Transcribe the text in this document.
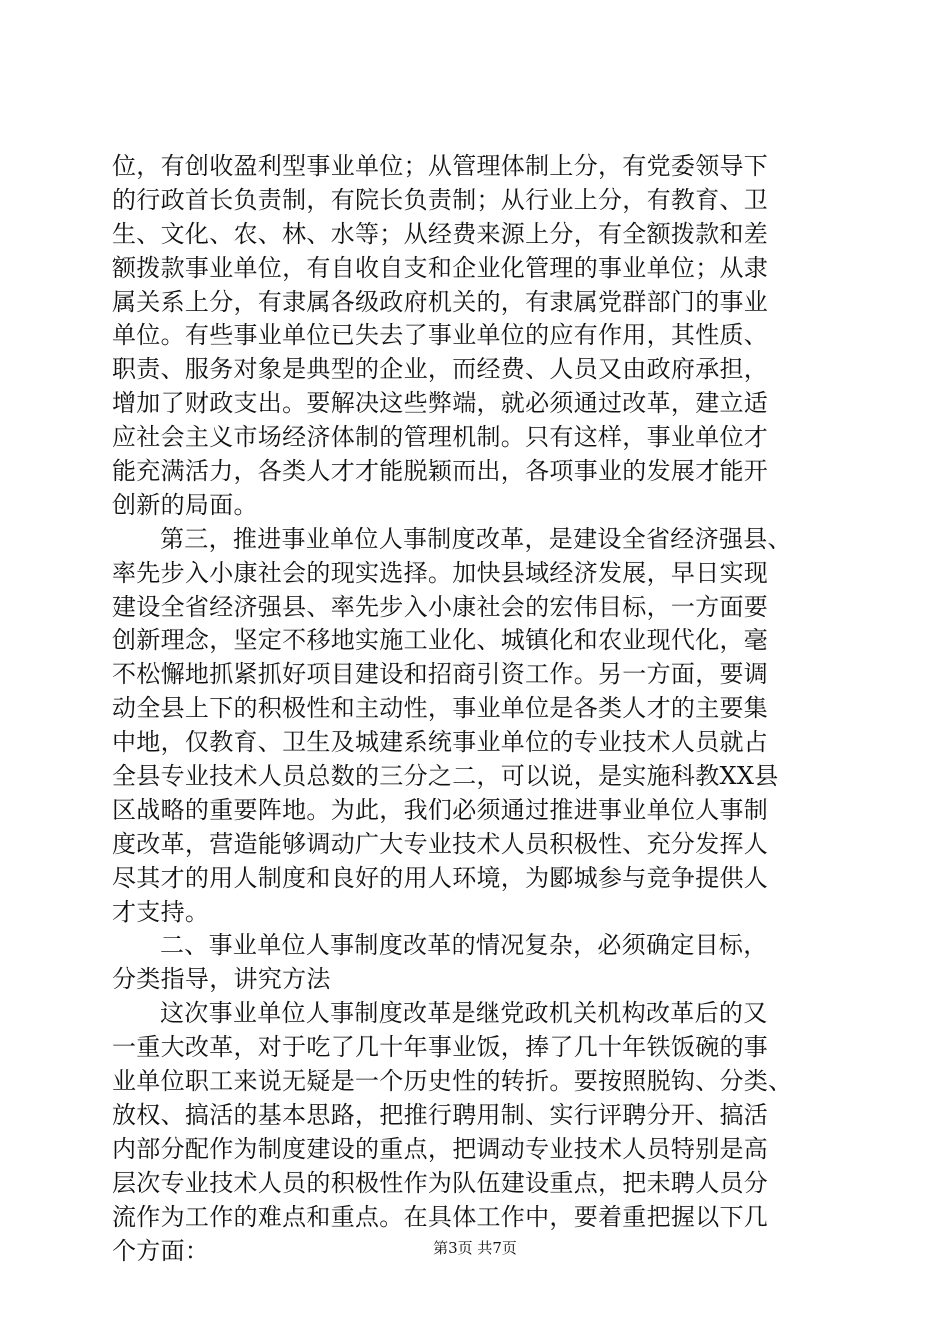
位，有创收盈利型事业单位；从管理体制上分，有党委领导下
的行政首长负责制，有院长负责制；从行业上分，有教育、卫
生、文化、农、林、水等；从经费来源上分，有全额拨款和差
额拨款事业单位，有自收自支和企业化管理的事业单位；从隶
属关系上分，有隶属各级政府机关的，有隶属党群部门的事业
单位。有些事业单位已失去了事业单位的应有作用，其性质、
职责、服务对象是典型的企业，而经费、人员又由政府承担，
增加了财政支出。要解决这些弊端，就必须通过改革，建立适
应社会主义市场经济体制的管理机制。只有这样，事业单位才
能充满活力，各类人才才能脱颖而出，各项事业的发展才能开
创新的局面。
第三，推进事业单位人事制度改革，是建设全省经济强县、
率先步入小康社会的现实选择。加快县域经济发展，早日实现
建设全省经济强县、率先步入小康社会的宏伟目标，一方面要
创新理念，坚定不移地实施工业化、城镇化和农业现代化，毫
不松懈地抓紧抓好项目建设和招商引资工作。另一方面，要调
动全县上下的积极性和主动性，事业单位是各类人才的主要集
中地，仅教育、卫生及城建系统事业单位的专业技术人员就占
全县专业技术人员总数的三分之二，可以说，是实施科教XX县
区战略的重要阵地。为此，我们必须通过推进事业单位人事制
度改革，营造能够调动广大专业技术人员积极性、充分发挥人
尽其才的用人制度和良好的用人环境，为郾城参与竞争提供人
才支持。
二、事业单位人事制度改革的情况复杂，必须确定目标，
分类指导，讲究方法
这次事业单位人事制度改革是继党政机关机构改革后的又
一重大改革，对于吃了几十年事业饭，捧了几十年铁饭碗的事
业单位职工来说无疑是一个历史性的转折。要按照脱钩、分类、
放权、搞活的基本思路，把推行聘用制、实行评聘分开、搞活
内部分配作为制度建设的重点，把调动专业技术人员特别是高
层次专业技术人员的积极性作为队伍建设重点，把未聘人员分
流作为工作的难点和重点。在具体工作中，要着重把握以下几
个方面：	第3页 共7页
